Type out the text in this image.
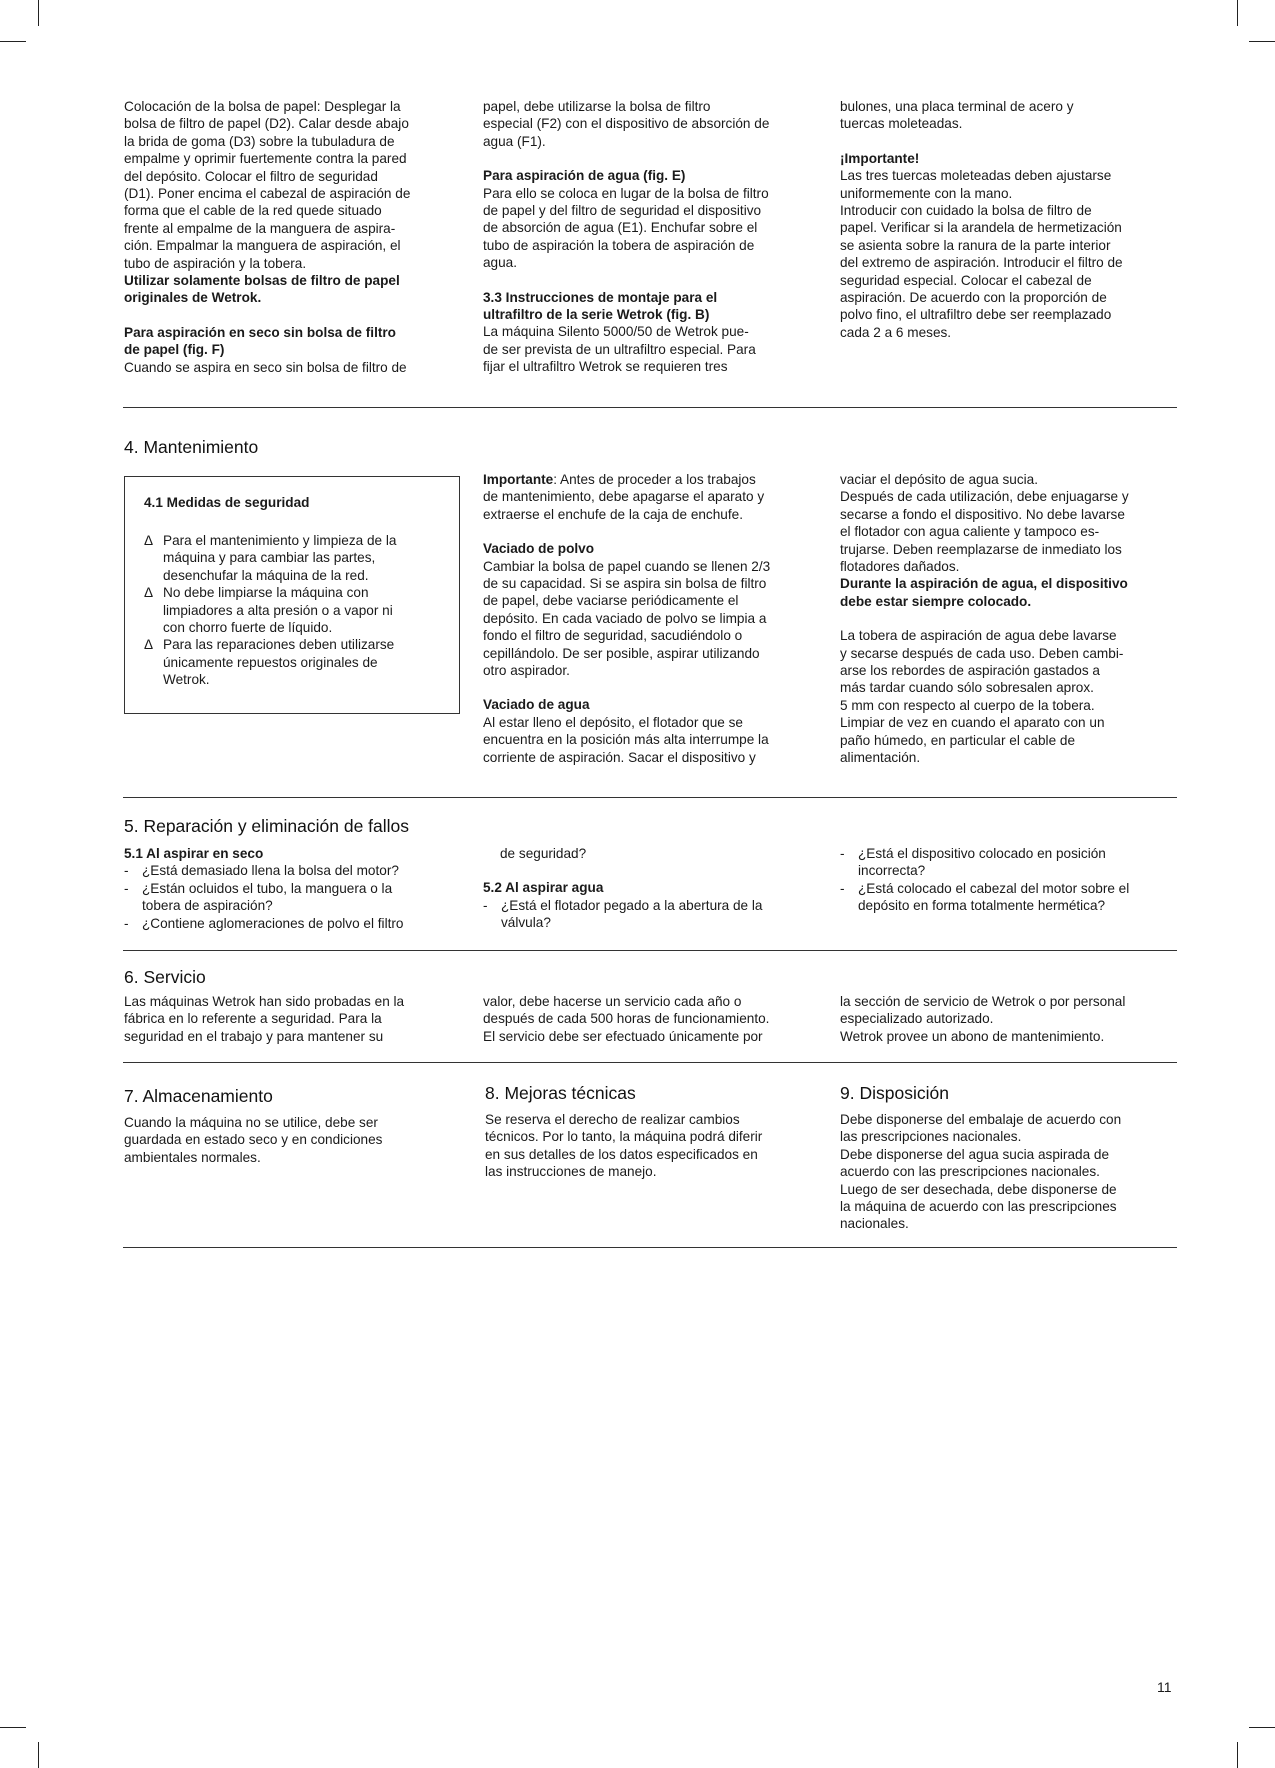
Colocación de la bolsa de papel: Desplegar la

bolsa de filtro de papel (D2). Calar desde abajo

la brida de goma (D3) sobre la tubuladura de

empalme y oprimir fuertemente contra la pared

del depósito. Colocar el filtro de seguridad

(D1). Poner encima el cabezal de aspiración de

forma que el cable de la red quede situado

frente al empalme de la manguera de aspira-

ción. Empalmar la manguera de aspiración, el

tubo de aspiración y la tobera.

Utilizar solamente bolsas de filtro de papel

originales de Wetrok.

Para aspiración en seco sin bolsa de filtro

de papel (fig. F)

Cuando se aspira en seco sin bolsa de filtro de

papel, debe utilizarse la bolsa de filtro

especial (F2) con el dispositivo de absorción de

agua (F1).

Para aspiración de agua (fig. E)

Para ello se coloca en lugar de la bolsa de filtro

de papel y del filtro de seguridad el dispositivo

de absorción de agua (E1). Enchufar sobre el

tubo de aspiración la tobera de aspiración de

agua.

3.3 Instrucciones de montaje para el

ultrafiltro de la serie Wetrok (fig. B)

La máquina Silento 5000/50 de Wetrok pue-

de ser prevista de un ultrafiltro especial. Para

fijar el ultrafiltro Wetrok se requieren tres

bulones, una placa terminal de acero y

tuercas moleteadas.

¡Importante!

Las tres tuercas moleteadas deben ajustarse

uniformemente con la mano.

Introducir con cuidado la bolsa de filtro de

papel. Verificar si la arandela de hermetización

se asienta sobre la ranura de la parte interior

del extremo de aspiración. Introducir el filtro de

seguridad especial. Colocar el cabezal de

aspiración. De acuerdo con la proporción de

polvo fino, el ultrafiltro debe ser reemplazado

cada 2 a 6 meses.

4. Mantenimiento
4.1 Medidas de seguridad
Δ Para el mantenimiento y limpieza de la
máquina y para cambiar las partes,
desenchufar la máquina de la red.
Δ No debe limpiarse la máquina con
limpiadores a alta presión o a vapor ni
con chorro fuerte de líquido.
Δ Para las reparaciones deben utilizarse
únicamente repuestos originales de
Wetrok.

Importante: Antes de proceder a los trabajos

de mantenimiento, debe apagarse el aparato y

extraerse el enchufe de la caja de enchufe.

Vaciado de polvo

Cambiar la bolsa de papel cuando se llenen 2/3

de su capacidad. Si se aspira sin bolsa de filtro

de papel, debe vaciarse periódicamente el

depósito. En cada vaciado de polvo se limpia a

fondo el filtro de seguridad, sacudiéndolo o

cepillándolo. De ser posible, aspirar utilizando

otro aspirador.

Vaciado de agua

Al estar lleno el depósito, el flotador que se

encuentra en la posición más alta interrumpe la

corriente de aspiración. Sacar el dispositivo y

vaciar el depósito de agua sucia.

Después de cada utilización, debe enjuagarse y

secarse a fondo el dispositivo. No debe lavarse

el flotador con agua caliente y tampoco es-

trujarse. Deben reemplazarse de inmediato los

flotadores dañados.

Durante la aspiración de agua, el dispositivo

debe estar siempre colocado.

La tobera de aspiración de agua debe lavarse

y secarse después de cada uso. Deben cambi-

arse los rebordes de aspiración gastados a

más tardar cuando sólo sobresalen aprox.

5 mm con respecto al cuerpo de la tobera.

Limpiar de vez en cuando el aparato con un

paño húmedo, en particular el cable de

alimentación.

5. Reparación y eliminación de fallos

5.1 Al aspirar en seco

- ¿Está demasiado llena la bolsa del motor?
- ¿Están ocluidos el tubo, la manguera o la
tobera de aspiración?
- ¿Contiene aglomeraciones de polvo el filtro

de seguridad?

5.2 Al aspirar agua

- ¿Está el flotador pegado a la abertura de la
válvula?
- ¿Está el dispositivo colocado en posición
incorrecta?
- ¿Está colocado el cabezal del motor sobre el
depósito en forma totalmente hermética?
6. Servicio

Las máquinas Wetrok han sido probadas en la

fábrica en lo referente a seguridad. Para la

seguridad en el trabajo y para mantener su

valor, debe hacerse un servicio cada año o

después de cada 500 horas de funcionamiento.

El servicio debe ser efectuado únicamente por

la sección de servicio de Wetrok o por personal

especializado autorizado.

Wetrok provee un abono de mantenimiento.

7. Almacenamiento

Cuando la máquina no se utilice, debe ser

guardada en estado seco y en condiciones

ambientales normales.

8. Mejoras técnicas

Se reserva el derecho de realizar cambios

técnicos. Por lo tanto, la máquina podrá diferir

en sus detalles de los datos especificados en

las instrucciones de manejo.

9. Disposición

Debe disponerse del embalaje de acuerdo con

las prescripciones nacionales.

Debe disponerse del agua sucia aspirada de

acuerdo con las prescripciones nacionales.

Luego de ser desechada, debe disponerse de

la máquina de acuerdo con las prescripciones

nacionales.

11
